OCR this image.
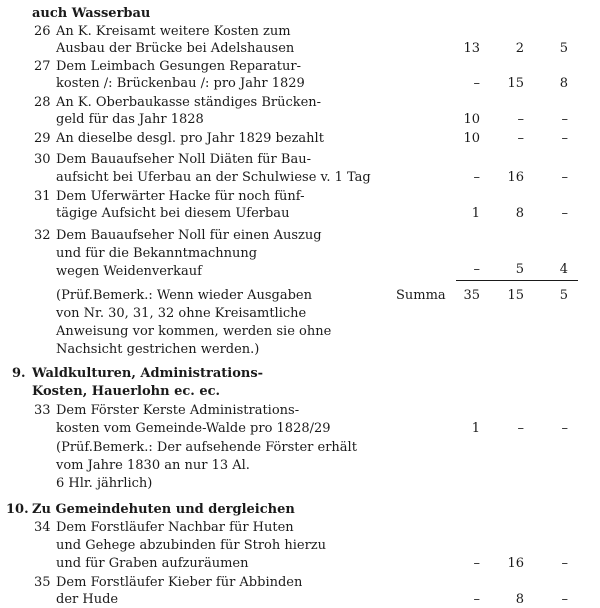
auch Wasserbau
26 An K. Kreisamt weitere Kosten zum
Ausbau der Brücke bei Adelshausen	13	2	5
27 Dem Leimbach Gesungen Reparatur-
kosten /: Brückenbau /: pro Jahr 1829	–	15	8
28 An K. Oberbaukasse ständiges Brücken-
geld für das Jahr 1828	10	–	–
29 An dieselbe desgl. pro Jahr 1829 bezahlt	10	–	–
30 Dem Bauaufseher Noll Diäten für Bau-
aufsicht bei Uferbau an der Schulwiese v. 1 Tag	–	16	–
31 Dem Uferwärter Hacke für noch fünf-
tägige Aufsicht bei diesem Uferbau	1	8	–
32 Dem Bauaufseher Noll für einen Auszug
und für die Bekanntmachnung
wegen Weidenverkauf	–	5	4
Summa	35	15	5
(Prüf.Bemerk.: Wenn wieder Ausgaben
von Nr. 30, 31, 32 ohne Kreisamtliche
Anweisung vor kommen, werden sie ohne
Nachsicht gestrichen werden.)
9. Waldkulturen, Administrations-
Kosten, Hauerlohn ec. ec.
33 Dem Förster Kerste Administrations-
kosten vom Gemeinde-Walde pro 1828/29	1	–	–
(Prüf.Bemerk.: Der aufsehende Förster erhält
vom Jahre 1830 an nur 13 Al.
6 Hlr. jährlich)
10. Zu Gemeindehuten und dergleichen
34 Dem Forstläufer Nachbar für Huten
und Gehege abzubinden für Stroh hierzu
und für Graben aufzuräumen	–	16	–
35 Dem Forstläufer Kieber für Abbinden
der Hude	–	8	–
